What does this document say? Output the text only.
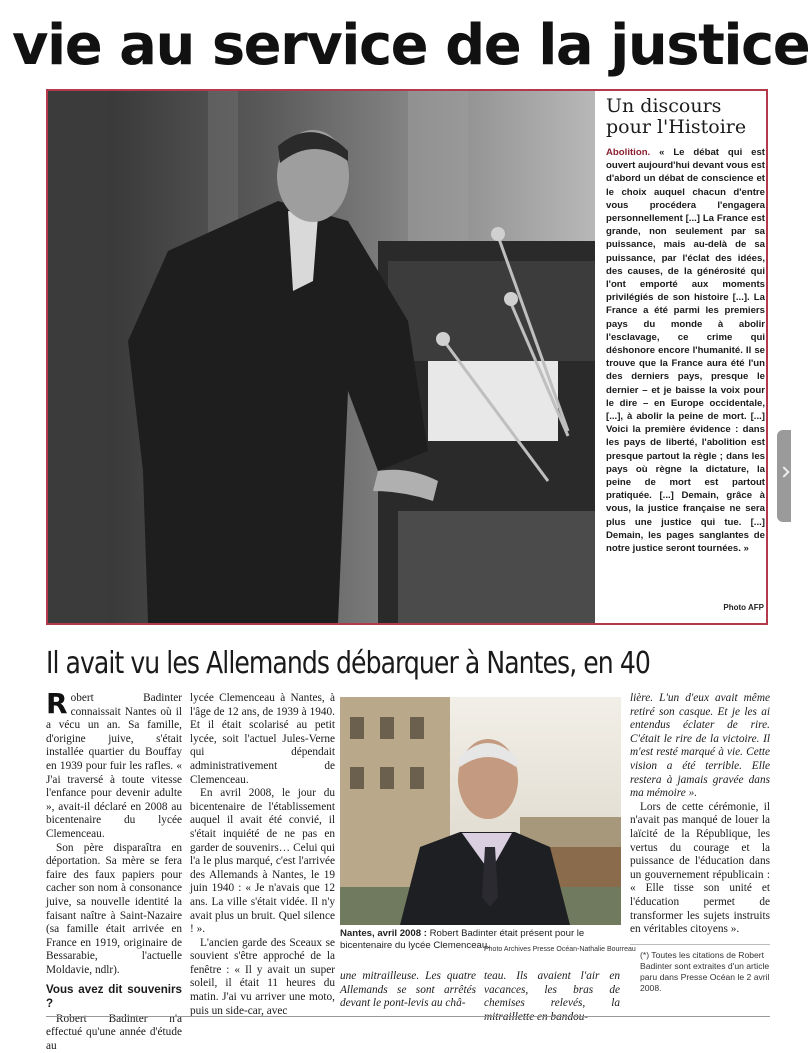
vie au service de la justice
Un discours pour l'Histoire

Abolition. « Le débat qui est ouvert aujourd'hui devant vous est d'abord un débat de conscience et le choix auquel chacun d'entre vous procédera l'engagera personnellement [...] La France est grande, non seulement par sa puissance, mais au-delà de sa puissance, par l'éclat des idées, des causes, de la générosité qui l'ont emporté aux moments privilégiés de son histoire [...]. La France a été parmi les premiers pays du monde à abolir l'esclavage, ce crime qui déshonore encore l'humanité. Il se trouve que la France aura été l'un des derniers pays, presque le dernier – et je baisse la voix pour le dire – en Europe occidentale, [...], à abolir la peine de mort. [...] Voici la première évidence : dans les pays de liberté, l'abolition est presque partout la règle ; dans les pays où règne la dictature, la peine de mort est partout pratiquée. [...] Demain, grâce à vous, la justice française ne sera plus une justice qui tue. [...] Demain, les pages sanglantes de notre justice seront tournées. »

Photo AFP
Il avait vu les Allemands débarquer à Nantes, en 40

Robert Badinter connaissait Nantes où il a vécu un an. Sa famille, d'origine juive, s'était installée quartier du Bouffay en 1939 pour fuir les rafles. « J'ai traversé à toute vitesse l'enfance pour devenir adulte », avait-il déclaré en 2008 au bicentenaire du lycée Clemenceau.

Son père disparaîtra en déportation. Sa mère se fera faire des faux papiers pour cacher son nom à consonance juive, sa nouvelle identité la faisant naître à Saint-Nazaire (sa famille était arrivée en France en 1919, originaire de Bessarabie, l'actuelle Moldavie, ndlr).

Vous avez dit souvenirs ?

Robert Badinter n'a effectué qu'une année d'étude au

lycée Clemenceau à Nantes, à l'âge de 12 ans, de 1939 à 1940. Et il était scolarisé au petit lycée, soit l'actuel Jules-Verne qui dépendait administrativement de Clemenceau.

En avril 2008, le jour du bicentenaire de l'établissement auquel il avait été convié, il s'était inquiété de ne pas en garder de souvenirs… Celui qui l'a le plus marqué, c'est l'arrivée des Allemands à Nantes, le 19 juin 1940 : « Je n'avais que 12 ans. La ville s'était vidée. Il n'y avait plus un bruit. Quel silence ! ».

L'ancien garde des Sceaux se souvient s'être approché de la fenêtre : « Il y avait un super soleil, il était 11 heures du matin. J'ai vu arriver une moto, puis un side-car, avec

Nantes, avril 2008 : Robert Badinter était présent pour le bicentenaire du lycée Clemenceau.
Photo Archives Presse Océan-Nathalie Bourreau

une mitrailleuse. Les quatre Allemands se sont arrêtés devant le pont-levis au châ-

teau. Ils avaient l'air en vacances, les bras de chemises relevés, la mitraillette en bandou-

lière. L'un d'eux avait même retiré son casque. Et je les ai entendus éclater de rire. C'était le rire de la victoire. Il m'est resté marqué à vie. Cette vision a été terrible. Elle restera à jamais gravée dans ma mémoire ».

Lors de cette cérémonie, il n'avait pas manqué de louer la laïcité de la République, les vertus du courage et la puissance de l'éducation dans un gouvernement républicain : « Elle tisse son unité et l'éducation permet de transformer les sujets instruits en véritables citoyens ».

(*) Toutes les citations de Robert Badinter sont extraites d'un article paru dans Presse Océan le 2 avril 2008.
